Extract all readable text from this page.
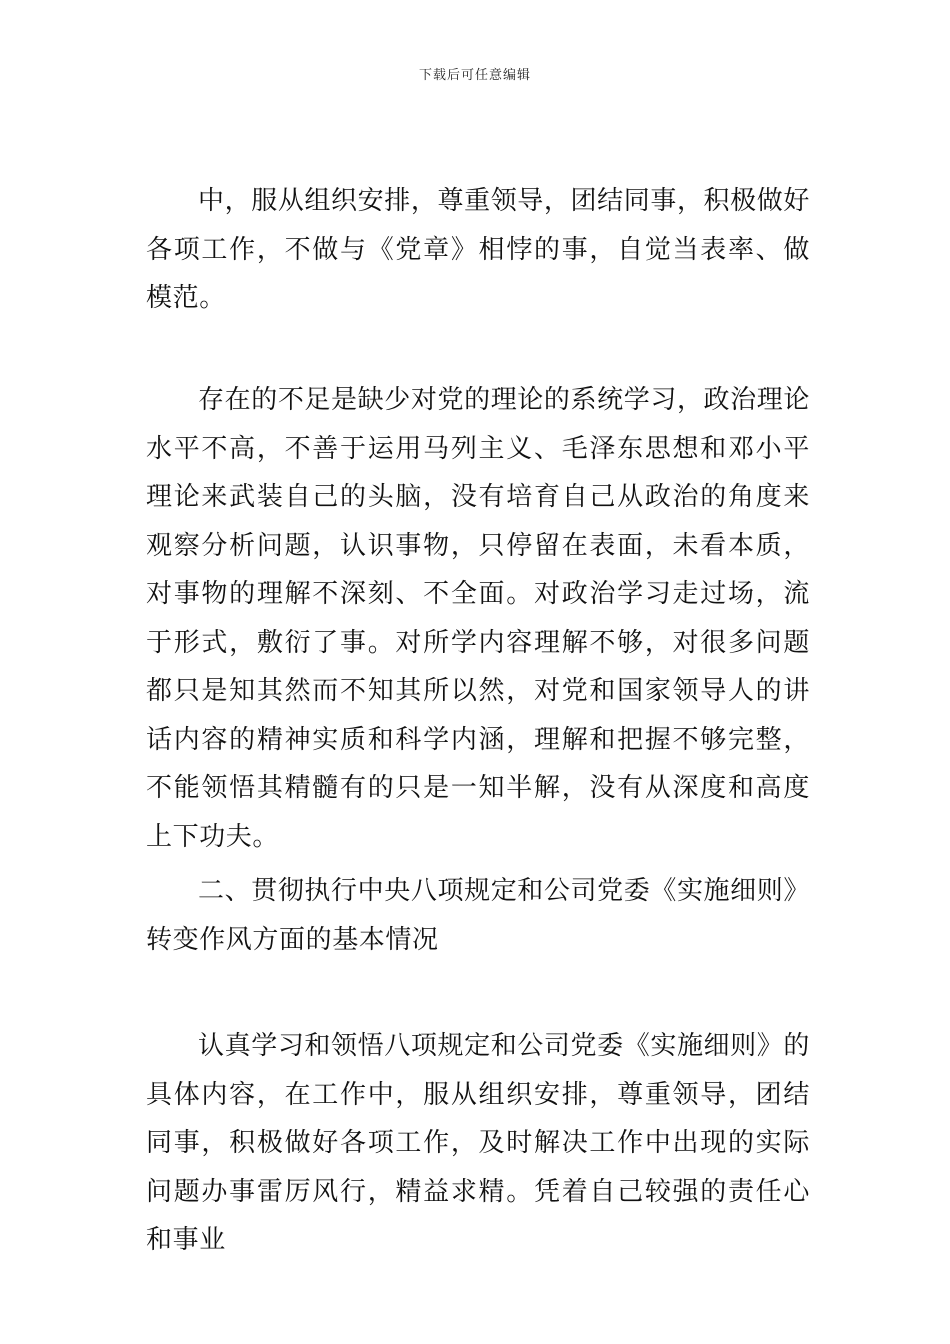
下载后可任意编辑

中，服从组织安排，尊重领导，团结同事，积极做好各项工作，不做与《党章》相悖的事，自觉当表率、做模范。

存在的不足是缺少对党的理论的系统学习，政治理论水平不高，不善于运用马列主义、毛泽东思想和邓小平理论来武装自己的头脑，没有培育自己从政治的角度来观察分析问题，认识事物，只停留在表面，未看本质，对事物的理解不深刻、不全面。对政治学习走过场，流于形式，敷衍了事。对所学内容理解不够，对很多问题都只是知其然而不知其所以然，对党和国家领导人的讲话内容的精神实质和科学内涵，理解和把握不够完整，不能领悟其精髓有的只是一知半解，没有从深度和高度上下功夫。

二、贯彻执行中央八项规定和公司党委《实施细则》转变作风方面的基本情况

认真学习和领悟八项规定和公司党委《实施细则》的具体内容，在工作中，服从组织安排，尊重领导，团结同事，积极做好各项工作，及时解决工作中出现的实际问题办事雷厉风行，精益求精。凭着自己较强的责任心和事业
